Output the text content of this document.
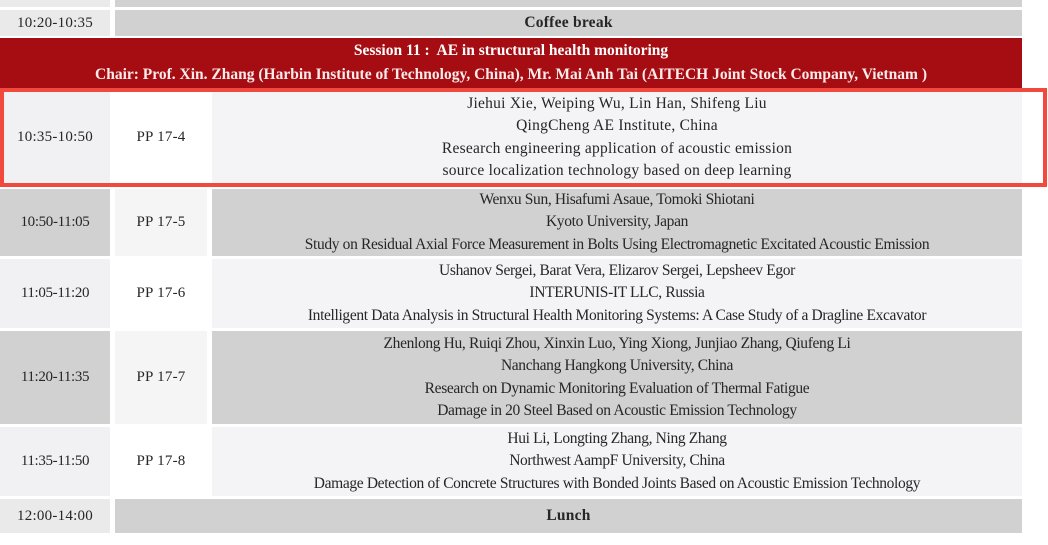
10:20-10:35	Coffee break
Session 11 :  AE in structural health monitoring
Chair: Prof. Xin. Zhang (Harbin Institute of Technology, China), Mr. Mai Anh Tai (AITECH Joint Stock Company, Vietnam )
10:35-10:50	PP 17-4
Jiehui Xie, Weiping Wu, Lin Han, Shifeng Liu
QingCheng AE Institute, China
Research engineering application of acoustic emission
source localization technology based on deep learning
10:50-11:05	PP 17-5
Wenxu Sun, Hisafumi Asaue, Tomoki Shiotani
Kyoto University, Japan
Study on Residual Axial Force Measurement in Bolts Using Electromagnetic Excitated Acoustic Emission
11:05-11:20	PP 17-6
Ushanov Sergei, Barat Vera, Elizarov Sergei, Lepsheev Egor
INTERUNIS-IT LLC, Russia
Intelligent Data Analysis in Structural Health Monitoring Systems: A Case Study of a Dragline Excavator
11:20-11:35	PP 17-7
Zhenlong Hu, Ruiqi Zhou, Xinxin Luo, Ying Xiong, Junjiao Zhang, Qiufeng Li
Nanchang Hangkong University, China
Research on Dynamic Monitoring Evaluation of Thermal Fatigue
Damage in 20 Steel Based on Acoustic Emission Technology
11:35-11:50	PP 17-8
Hui Li, Longting Zhang, Ning Zhang
Northwest AampF University, China
Damage Detection of Concrete Structures with Bonded Joints Based on Acoustic Emission Technology
12:00-14:00	Lunch
